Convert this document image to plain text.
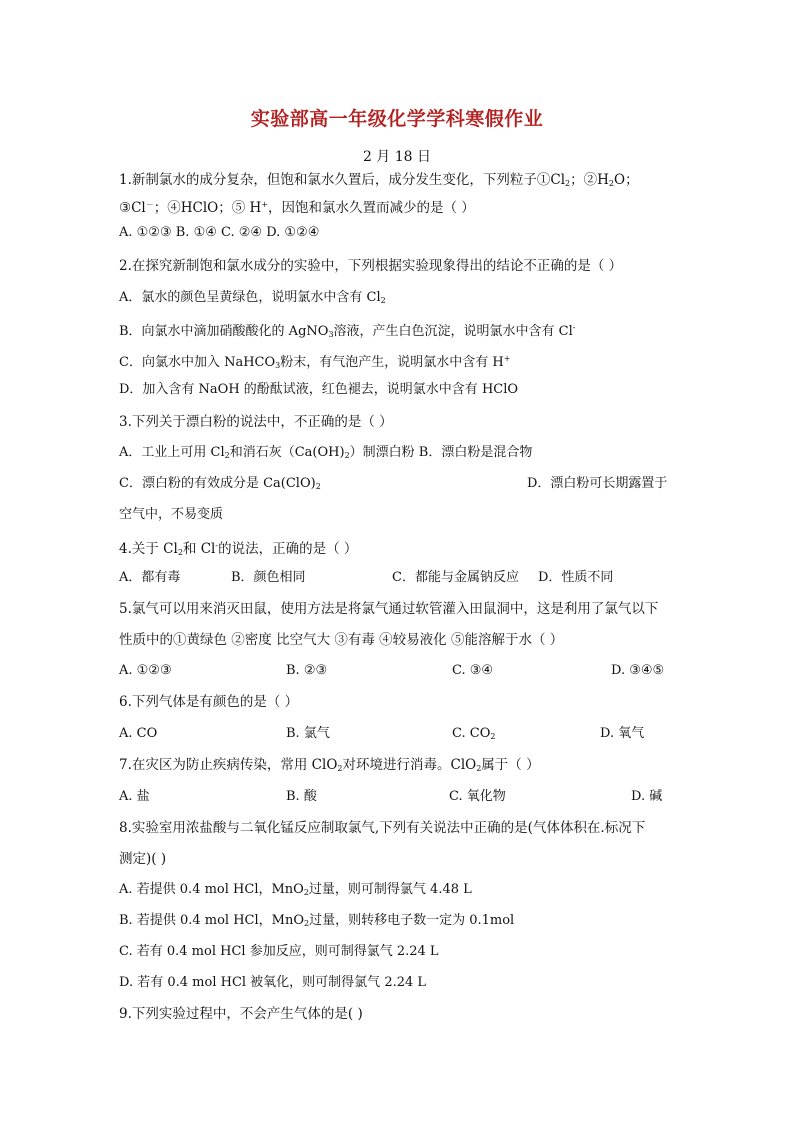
实验部高一年级化学学科寒假作业
2 月 18 日
1.新制氯水的成分复杂，但饱和氯水久置后，成分发生变化，下列粒子$①Cl_2$；$②H_2O$；
③Cl－；④HClO；⑤ H+，因饱和氯水久置而减少的是（ ）
A. ①②③ B. ①④ C. ②④ D. ①②④
2.在探究新制饱和氯水成分的实验中，下列根据实验现象得出的结论不正确的是（ ）
A．氯水的颜色呈黄绿色，说明氯水中含有 $Cl_2$
B．向氯水中滴加硝酸酸化的 AgNO$_3$溶液，产生白色沉淀，说明氯水中含有 Cl-
C．向氯水中加入 NaHCO$_3$粉末，有气泡产生，说明氯水中含有 H+
D．加入含有 NaOH 的酚酞试液，红色褪去，说明氯水中含有 HClO
3.下列关于漂白粉的说法中，不正确的是（ ）
A．工业上可用 $Cl_2$和消石灰$(Ca(OH)_2)$制漂白粉 B．漂白粉是混合物
C．漂白粉的有效成分是 $Ca(ClO)_2$	D．漂白粉可长期露置于
空气中，不易变质
4.关于 $Cl_2$和 Cl-的说法，正确的是（ ）
A．都有毒	B．颜色相同	C．都能与金属钠反应 D．性质不同
5.氯气可以用来消灭田鼠，使用方法是将氯气通过软管灌入田鼠洞中，这是利用了氯气以下
性质中的①黄绿色 ②密度 比空气大 ③有毒 ④较易液化 ⑤能溶解于水（ ）
A. ①②③	B. ②③	C. ③④	D. ③④⑤
6.下列气体是有颜色的是（ ）
A. CO	B. 氯气	C. $CO_2$	D. 氧气
7.在灾区为防止疾病传染，常用 ClO$_2$对环境进行消毒。ClO$_2$属于（ ）
A. 盐	B. 酸	C. 氧化物	D. 碱
8.实验室用浓盐酸与二氧化锰反应制取氯气,下列有关说法中正确的是(气体体积在.标况下
测定)( )
A. 若提供 0.4 mol HCl，MnO$_2$过量，则可制得氯气 4.48 L
B. 若提供 0.4 mol HCl，MnO$_2$过量，则转移电子数一定为 0.1mol
C. 若有 0.4 mol HCl 参加反应，则可制得氯气 2.24 L
D. 若有 0.4 mol HCl 被氧化，则可制得氯气 2.24 L
9.下列实验过程中，不会产生气体的是( )
